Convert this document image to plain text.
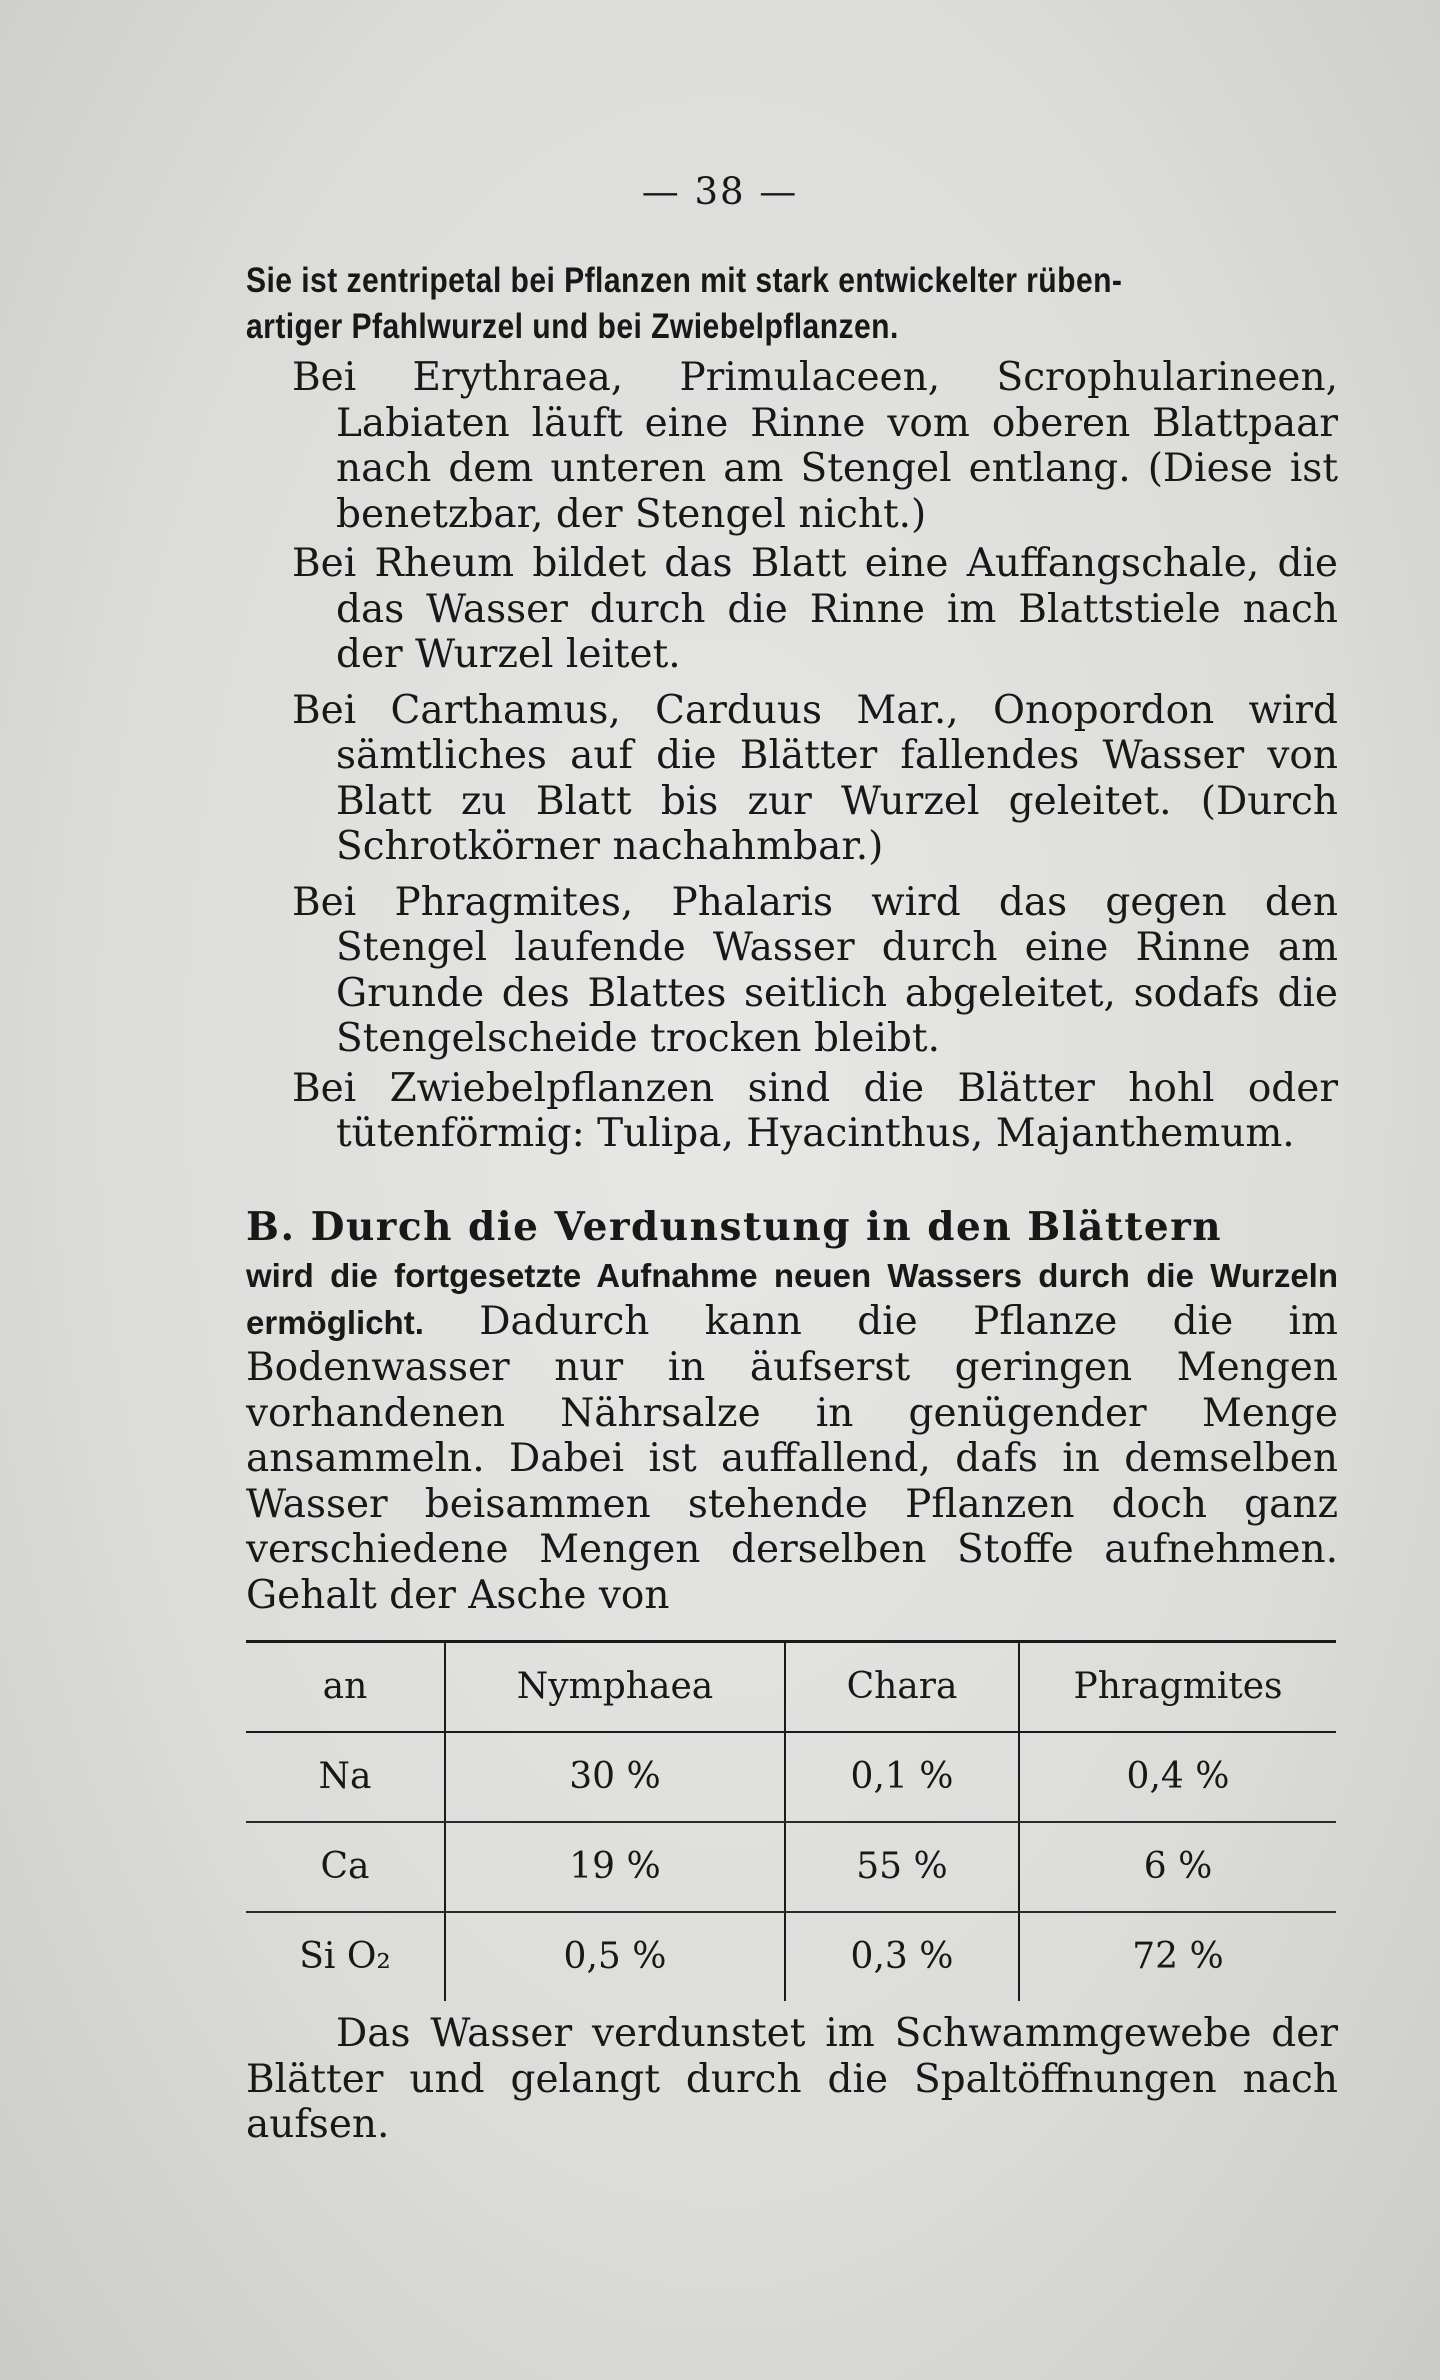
— 38 —
Sie ist zentripetal bei Pflanzen mit stark entwickelter rüben-
artiger Pfahlwurzel und bei Zwiebelpflanzen.

Bei Erythraea, Primulaceen, Scrophularineen, Labiaten läuft eine Rinne vom oberen Blattpaar nach dem unteren am Stengel entlang. (Diese ist benetzbar, der Stengel nicht.)

Bei Rheum bildet das Blatt eine Auffangschale, die das Wasser durch die Rinne im Blattstiele nach der Wurzel leitet.

Bei Carthamus, Carduus Mar., Onopordon wird sämtliches auf die Blätter fallendes Wasser von Blatt zu Blatt bis zur Wurzel geleitet. (Durch Schrotkörner nachahmbar.)

Bei Phragmites, Phalaris wird das gegen den Stengel laufende Wasser durch eine Rinne am Grunde des Blattes seitlich abgeleitet, sodafs die Stengelscheide trocken bleibt.

Bei Zwiebelpflanzen sind die Blätter hohl oder tütenförmig: Tulipa, Hyacinthus, Majanthemum.

B. Durch die Verdunstung in den Blättern
wird die fortgesetzte Aufnahme neuen Wassers durch die Wurzeln ermöglicht. Dadurch kann die Pflanze die im Bodenwasser nur in äufserst geringen Mengen vorhandenen Nährsalze in genügender Menge ansammeln. Dabei ist auffallend, dafs in demselben Wasser beisammen stehende Pflanzen doch ganz verschiedene Mengen derselben Stoffe aufnehmen. Gehalt der Asche von
an	Nymphaea	Chara	Phragmites
Na	30 %	0,1 %	0,4 %
Ca	19 %	55 %	6 %
Si O₂	0,5 %	0,3 %	72 %

Das Wasser verdunstet im Schwammgewebe der Blätter und gelangt durch die Spaltöffnungen nach aufsen.
